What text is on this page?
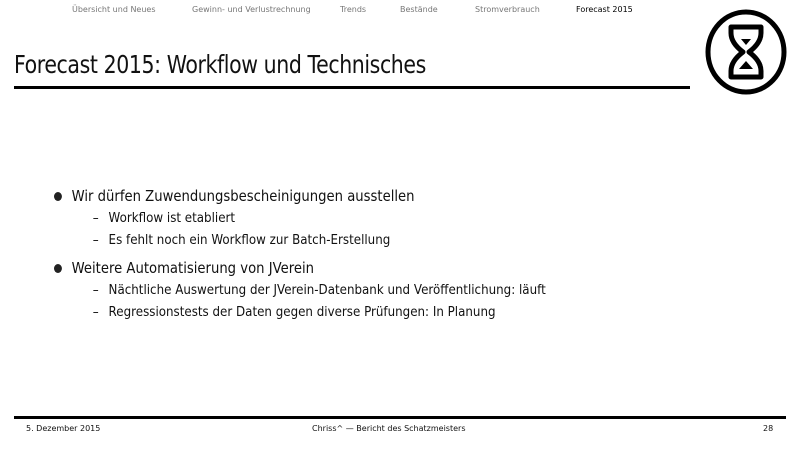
Übersicht und Neues	Gewinn- und Verlustrechnung	Trends	Bestände	Stromverbrauch	Forecast 2015
Forecast 2015: Workflow und Technisches
Wir dürfen Zuwendungsbescheinigungen ausstellen
– Workflow ist etabliert
– Es fehlt noch ein Workflow zur Batch-Erstellung
Weitere Automatisierung von JVerein
– Nächtliche Auswertung der JVerein-Datenbank und Veröffentlichung: läuft
– Regressionstests der Daten gegen diverse Prüfungen: In Planung
5. Dezember 2015	Chriss^ — Bericht des Schatzmeisters	28
